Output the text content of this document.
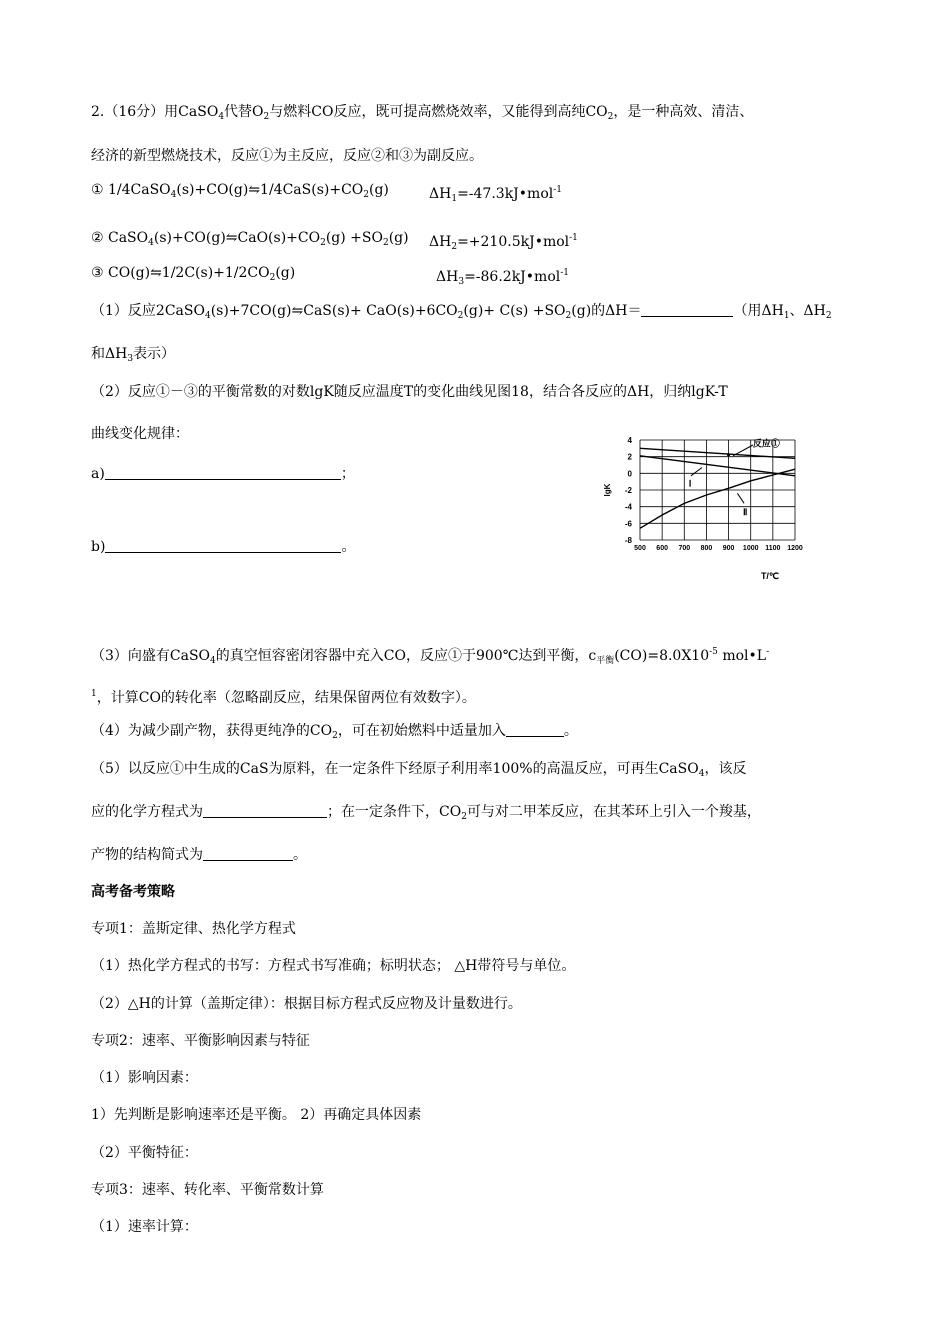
2.（16分）用CaSO$_4$代替$O_2$与燃料CO反应，既可提高燃烧效率，又能得到高纯$CO_2$，是一种高效、清洁、
经济的新型燃烧技术，反应①为主反应，反应②和③为副反应。
① $1/4CaSO_4(s)+CO(g)⇋1/4CaS(s)+CO_2(g)$	$\Delta H_1=-47.3kJ•mol^{-1}$
② $CaSO_4(s)+CO(g)⇋CaO(s)+CO_2(g) +SO_2(g)$ $\Delta H_2=+210.5kJ•mol^{-1}$
③ $CO(g)⇋1/2C(s)+1/2CO_2(g)$	$\Delta H_3=-86.2kJ•mol^{-1}$
（1）反应2CaSO$_4$(s)+7CO(g)⇋CaS(s)+ $CaO(s)+6CO_2(g)+ C(s) +SO_2(g)$的ΔH＝	（用$\Delta H_1$、$\Delta H_2$
和$\Delta H_3$表示）
（2）反应①－③的平衡常数的对数lgK随反应温度T的变化曲线见图18，结合各反应的ΔH，归纳lgK-T
曲线变化规律：
a)	；
b)	。
4
2
0
-2
-4
-6
-8
500 600 700 800 900 1000 1100 1200
反应①
Ⅰ
Ⅱ
lgK
T/℃
（3）向盛有CaSO$_4$的真空恒容密闭容器中充入CO，反应①于900℃达到平衡，$c_{平衡}(CO)=8.0X10^{-5}$ mol•L-
$^1$，计算CO的转化率（忽略副反应，结果保留两位有效数字）。
（4）为减少副产物，获得更纯净的$CO_2$，可在初始燃料中适量加入	。
（5）以反应①中生成的CaS为原料，在一定条件下经原子利用率100%的高温反应，可再生CaSO$_4$，该反
应的化学方程式为	；在一定条件下，$CO_2$可与对二甲苯反应，在其苯环上引入一个羧基，
产物的结构简式为	。
高考备考策略
专项1：盖斯定律、热化学方程式
（1）热化学方程式的书写：方程式书写准确；标明状态； △H带符号与单位。
（2）△H的计算（盖斯定律）：根据目标方程式反应物及计量数进行。
专项2：速率、平衡影响因素与特征
（1）影响因素：
1）先判断是影响速率还是平衡。 2）再确定具体因素
（2）平衡特征：
专项3：速率、转化率、平衡常数计算
（1）速率计算：
